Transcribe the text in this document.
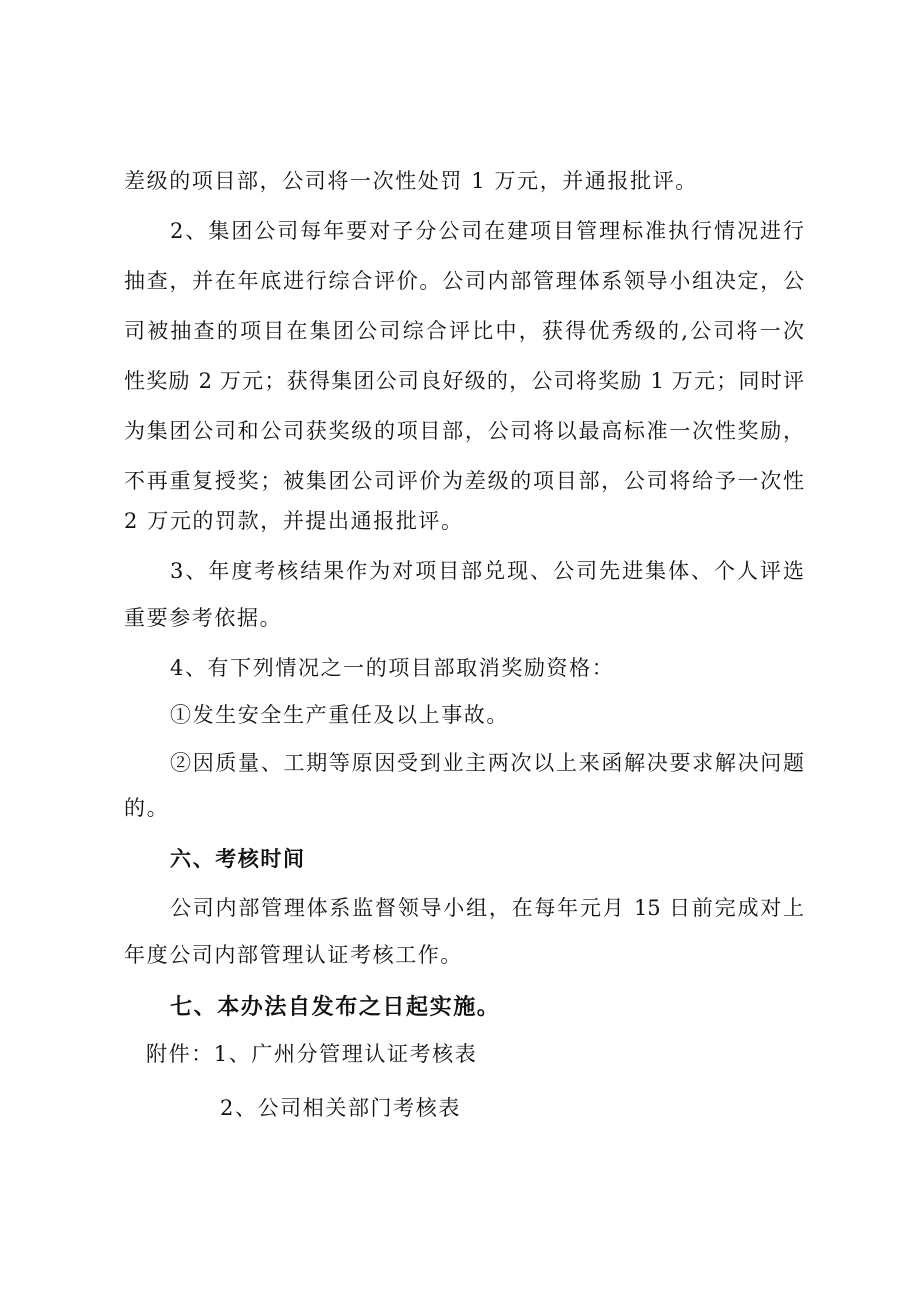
差级的项目部，公司将一次性处罚 1 万元，并通报批评。
2、集团公司每年要对子分公司在建项目管理标准执行情况进行
抽查，并在年底进行综合评价。公司内部管理体系领导小组决定，公
司被抽查的项目在集团公司综合评比中，获得优秀级的,公司将一次
性奖励 2 万元；获得集团公司良好级的，公司将奖励 1 万元；同时评
为集团公司和公司获奖级的项目部，公司将以最高标准一次性奖励，
不再重复授奖；被集团公司评价为差级的项目部，公司将给予一次性
2 万元的罚款，并提出通报批评。
3、年度考核结果作为对项目部兑现、公司先进集体、个人评选
重要参考依据。
4、有下列情况之一的项目部取消奖励资格：
①发生安全生产重任及以上事故。
②因质量、工期等原因受到业主两次以上来函解决要求解决问题
的。
六、考核时间
公司内部管理体系监督领导小组，在每年元月 15 日前完成对上
年度公司内部管理认证考核工作。
七、本办法自发布之日起实施。
附件：1、广州分管理认证考核表
2、公司相关部门考核表
